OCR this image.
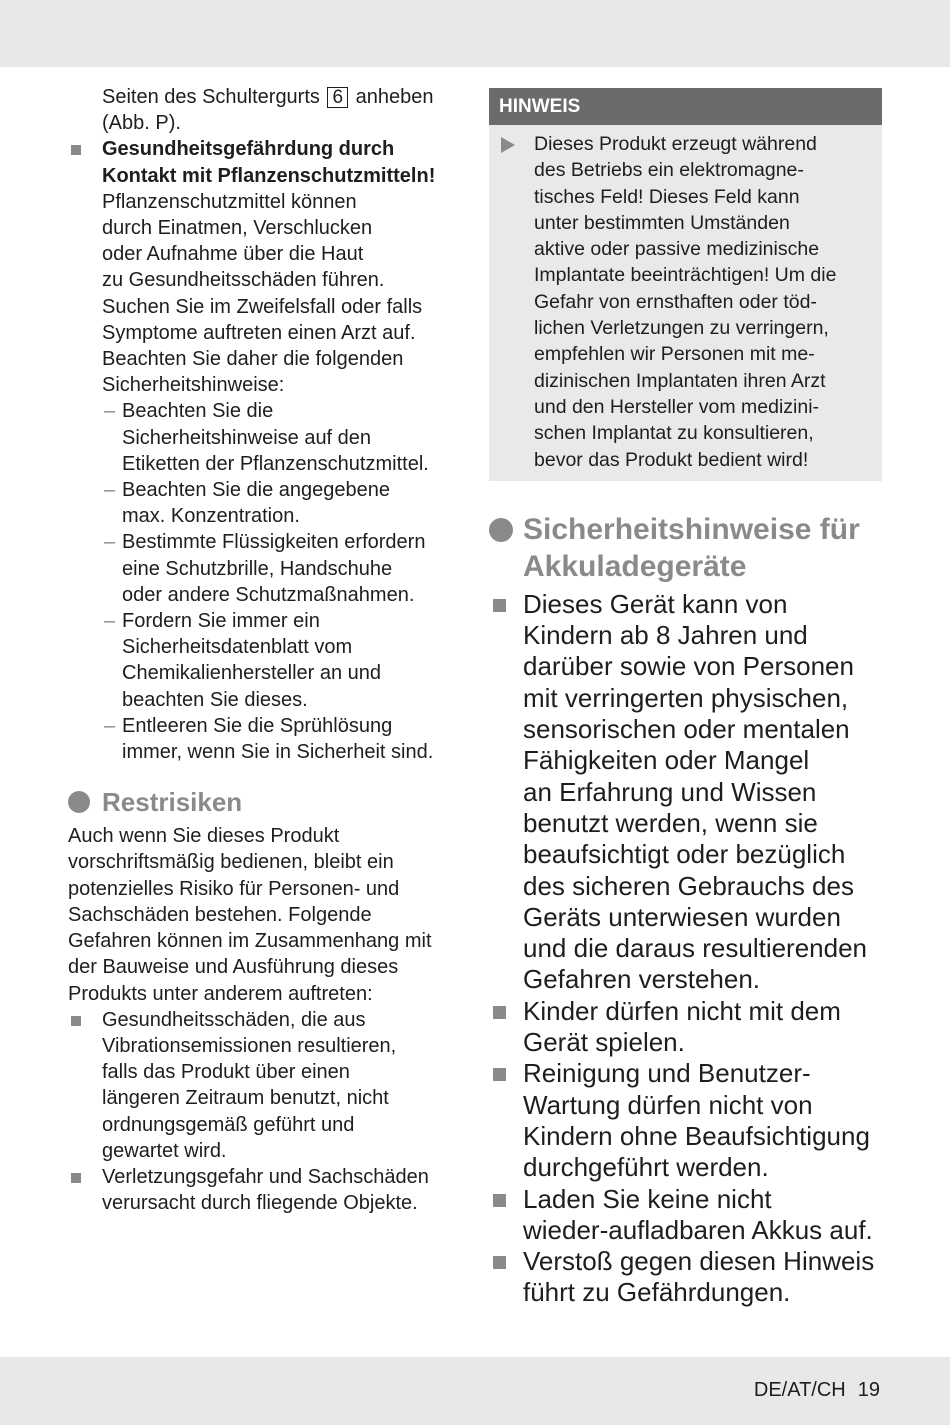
Seiten des Schultergurts 6 anheben
(Abb. P).
Gesundheitsgefährdung durch
Kontakt mit Pflanzenschutzmitteln!
Pflanzenschutzmittel können
durch Einatmen, Verschlucken
oder Aufnahme über die Haut
zu Gesundheitsschäden führen.
Suchen Sie im Zweifelsfall oder falls
Symptome auftreten einen Arzt auf.
Beachten Sie daher die folgenden
Sicherheitshinweise:
– Beachten Sie die
Sicherheitshinweise auf den
Etiketten der Pflanzenschutzmittel.
– Beachten Sie die angegebene
max. Konzentration.
– Bestimmte Flüssigkeiten erfordern
eine Schutzbrille, Handschuhe
oder andere Schutzmaßnahmen.
– Fordern Sie immer ein
Sicherheitsdatenblatt vom
Chemikalienhersteller an und
beachten Sie dieses.
– Entleeren Sie die Sprühlösung
immer, wenn Sie in Sicherheit sind.
Restrisiken
Auch wenn Sie dieses Produkt
vorschriftsmäßig bedienen, bleibt ein
potenzielles Risiko für Personen- und
Sachschäden bestehen. Folgende
Gefahren können im Zusammenhang mit
der Bauweise und Ausführung dieses
Produkts unter anderem auftreten:
Gesundheitsschäden, die aus
Vibrationsemissionen resultieren,
falls das Produkt über einen
längeren Zeitraum benutzt, nicht
ordnungsgemäß geführt und
gewartet wird.
Verletzungsgefahr und Sachschäden
verursacht durch fliegende Objekte.
HINWEIS
Dieses Produkt erzeugt während
des Betriebs ein elektromagne-
tisches Feld! Dieses Feld kann
unter bestimmten Umständen
aktive oder passive medizinische
Implantate beeinträchtigen! Um die
Gefahr von ernsthaften oder töd-
lichen Verletzungen zu verringern,
empfehlen wir Personen mit me-
dizinischen Implantaten ihren Arzt
und den Hersteller vom medizini-
schen Implantat zu konsultieren,
bevor das Produkt bedient wird!
Sicherheitshinweise für
Akkuladegeräte
Dieses Gerät kann von
Kindern ab 8 Jahren und
darüber sowie von Personen
mit verringerten physischen,
sensorischen oder mentalen
Fähigkeiten oder Mangel
an Erfahrung und Wissen
benutzt werden, wenn sie
beaufsichtigt oder bezüglich
des sicheren Gebrauchs des
Geräts unterwiesen wurden
und die daraus resultierenden
Gefahren verstehen.
Kinder dürfen nicht mit dem
Gerät spielen.
Reinigung und Benutzer-
Wartung dürfen nicht von
Kindern ohne Beaufsichtigung
durchgeführt werden.
Laden Sie keine nicht
wieder-aufladbaren Akkus auf.
Verstoß gegen diesen Hinweis
führt zu Gefährdungen.
DE/AT/CH 19
